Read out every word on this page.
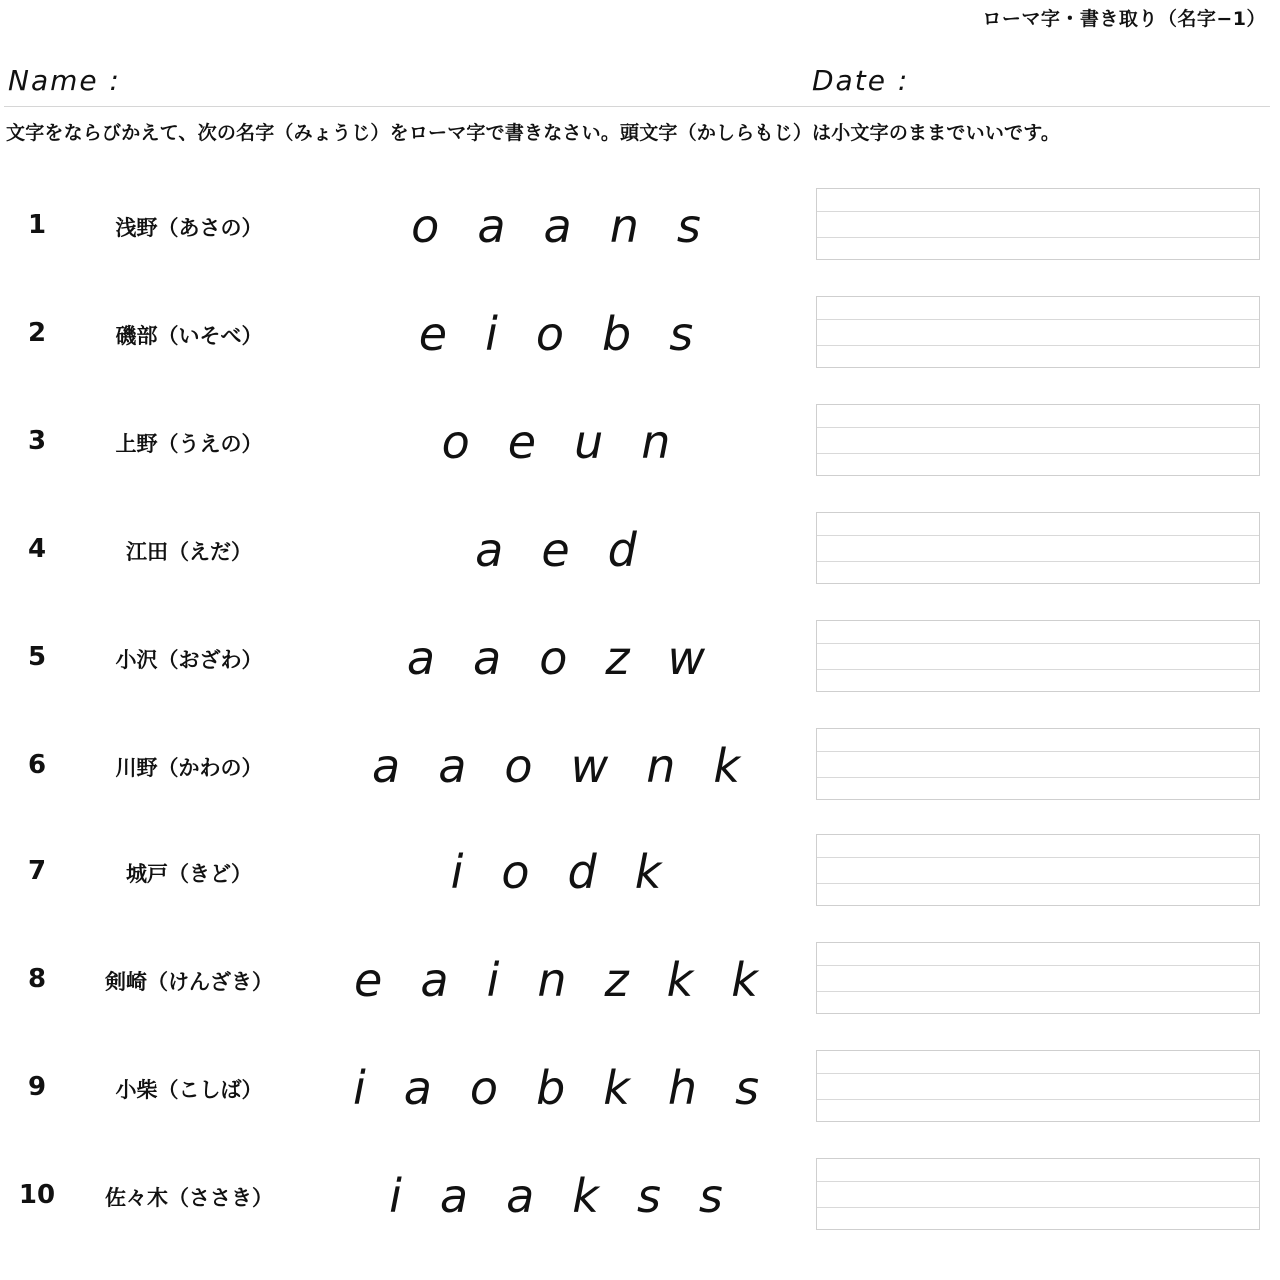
ローマ字・書き取り（名字−1）
Name :	Date :
文字をならびかえて、次の名字（みょうじ）をローマ字で書きなさい。頭文字（かしらもじ）は小文字のままでいいです。
1	浅野（あさの）	o a a n s
2	磯部（いそべ）	e i o b s
3	上野（うえの）	o e u n
4	江田（えだ）	a e d
5	小沢（おざわ）	a a o z w
6	川野（かわの）	a a o w n k
7	城戸（きど）	i o d k
8	剣崎（けんざき）	e a i n z k k
9	小柴（こしば）	i a o b k h s
10	佐々木（ささき）	i a a k s s
